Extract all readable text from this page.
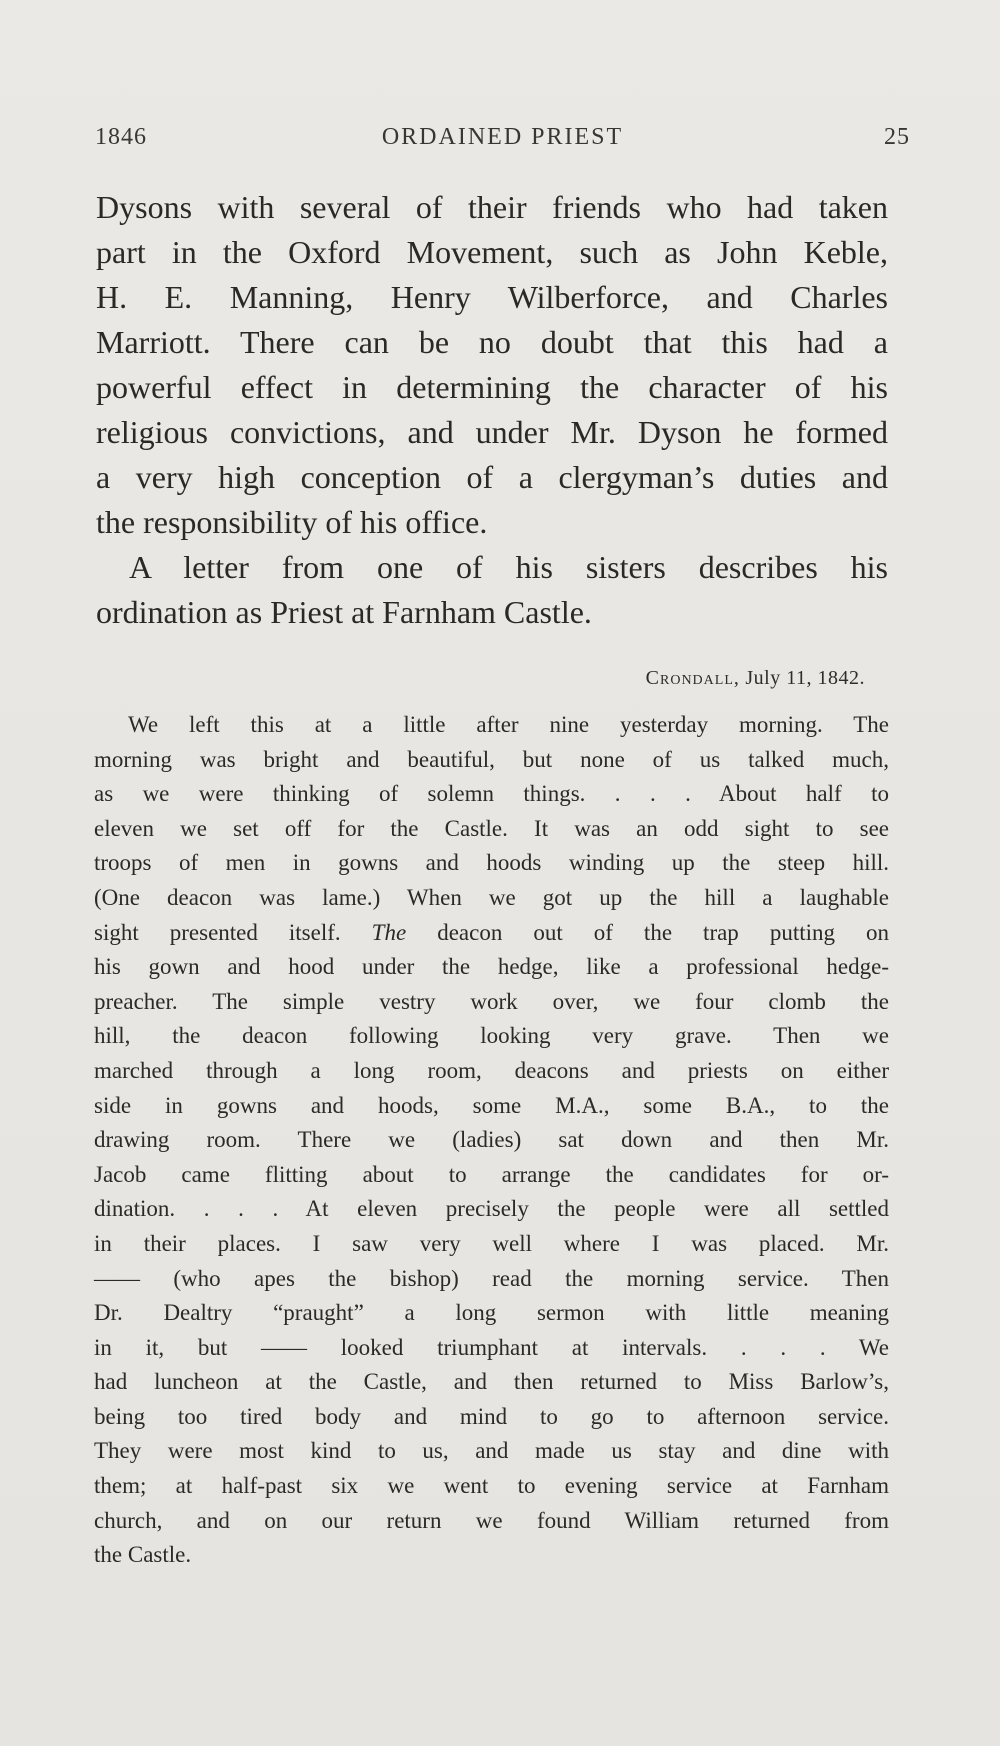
1846	ORDAINED PRIEST	25
Dysons with several of their friends who had taken
part in the Oxford Movement, such as John Keble,
H. E. Manning, Henry Wilberforce, and Charles
Marriott. There can be no doubt that this had a
powerful effect in determining the character of his
religious convictions, and under Mr. Dyson he formed
a very high conception of a clergyman’s duties and
the responsibility of his office.
A letter from one of his sisters describes his
ordination as Priest at Farnham Castle.
Crondall, July 11, 1842.
We left this at a little after nine yesterday morning. The
morning was bright and beautiful, but none of us talked much,
as we were thinking of solemn things. . . . About half to
eleven we set off for the Castle. It was an odd sight to see
troops of men in gowns and hoods winding up the steep hill.
(One deacon was lame.) When we got up the hill a laughable
sight presented itself. The deacon out of the trap putting on
his gown and hood under the hedge, like a professional hedge-
preacher. The simple vestry work over, we four clomb the
hill, the deacon following looking very grave. Then we
marched through a long room, deacons and priests on either
side in gowns and hoods, some M.A., some B.A., to the
drawing room. There we (ladies) sat down and then Mr.
Jacob came flitting about to arrange the candidates for or-
dination. . . . At eleven precisely the people were all settled
in their places. I saw very well where I was placed. Mr.
—— (who apes the bishop) read the morning service. Then
Dr. Dealtry “praught” a long sermon with little meaning
in it, but —— looked triumphant at intervals. . . . We
had luncheon at the Castle, and then returned to Miss Barlow’s,
being too tired body and mind to go to afternoon service.
They were most kind to us, and made us stay and dine with
them; at half-past six we went to evening service at Farnham
church, and on our return we found William returned from
the Castle.
